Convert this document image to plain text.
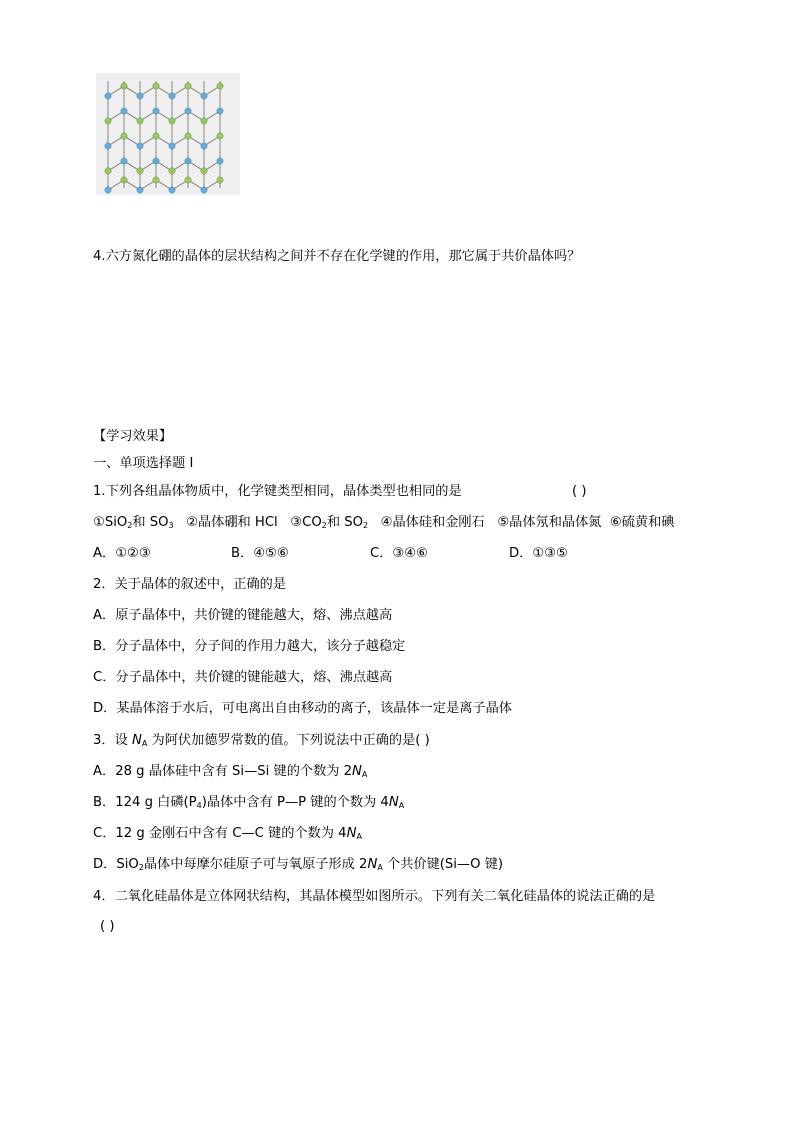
4.六方氮化硼的晶体的层状结构之间并不存在化学键的作用，那它属于共价晶体吗？
【学习效果】
一、单项选择题 I
1.下列各组晶体物质中，化学键类型相同，晶体类型也相同的是	( )
①SiO$_2$和 $SO_3$ ②晶体硼和 HCl $③CO_2$和 $SO_2$ ④晶体硅和金刚石 ⑤晶体氖和晶体氮 ⑥硫黄和碘
A．①②③	B．④⑤⑥	C．③④⑥	D．①③⑤
2．关于晶体的叙述中，正确的是
A．原子晶体中，共价键的键能越大，熔、沸点越高
B．分子晶体中，分子间的作用力越大，该分子越稳定
C．分子晶体中，共价键的键能越大，熔、沸点越高
D．某晶体溶于水后，可电离出自由移动的离子，该晶体一定是离子晶体
3．设 $N_A$ 为阿伏加德罗常数的值。下列说法中正确的是( )
A．28 g 晶体硅中含有 Si—Si 键的个数为 $2N_A$
B．124 g 白磷$(P_4)$晶体中含有 P—P 键的个数为 $4N_A$
C．12 g 金刚石中含有 C—C 键的个数为 $4N_A$
D．SiO$_2$晶体中每摩尔硅原子可与氧原子形成 $2N_A$ 个共价键(Si—O 键)
4．二氧化硅晶体是立体网状结构，其晶体模型如图所示。下列有关二氧化硅晶体的说法正确的是
( )
